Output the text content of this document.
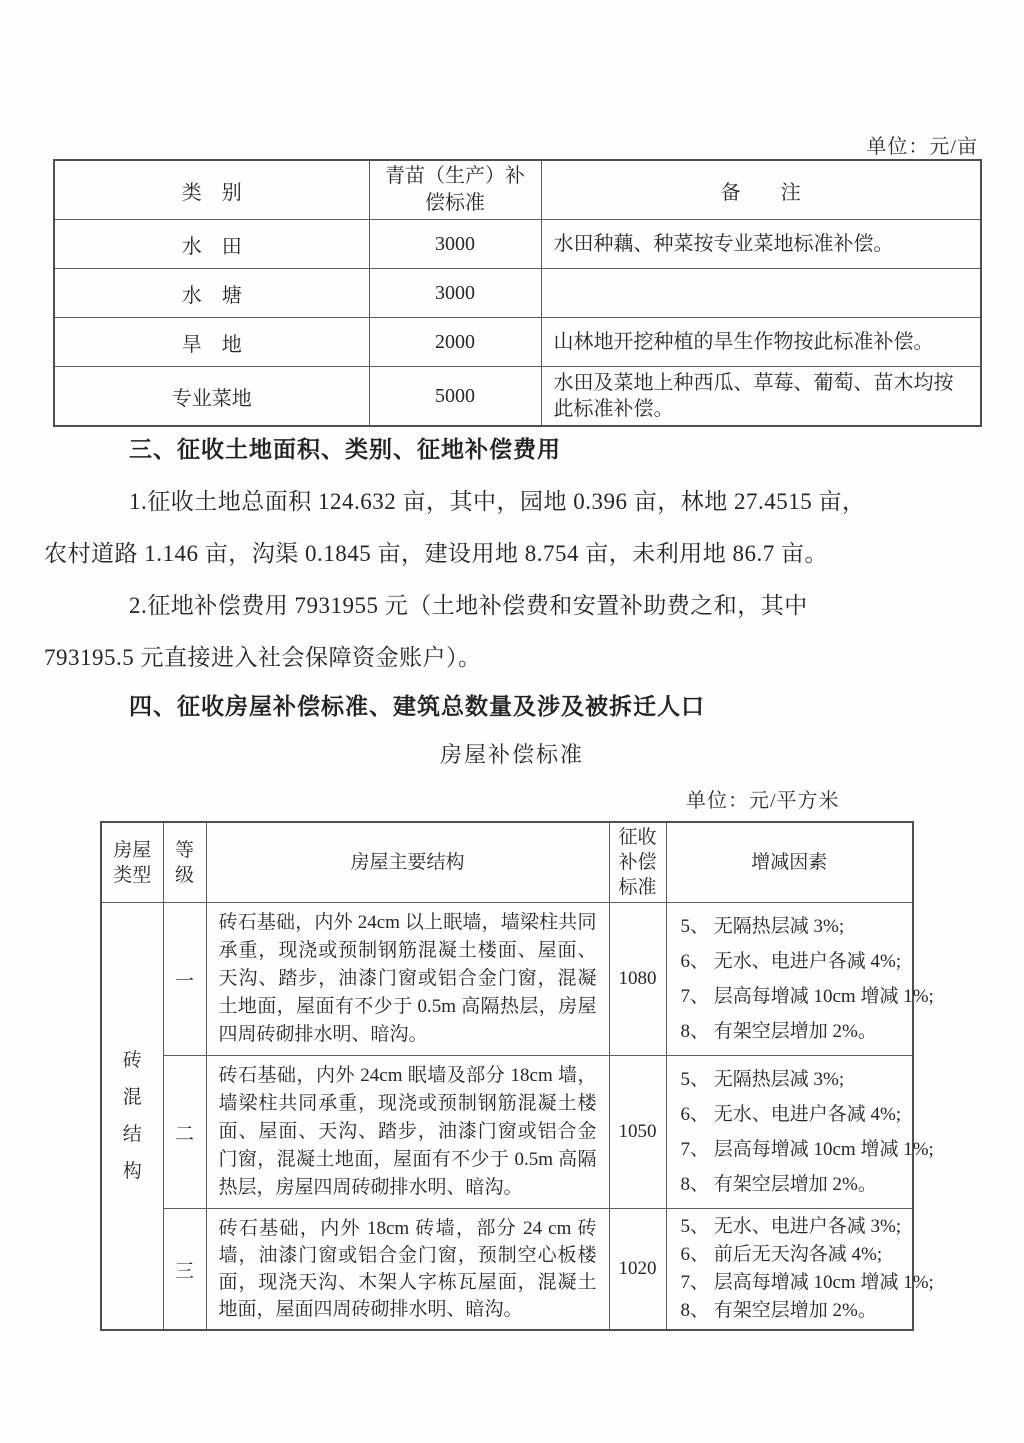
单位：元/亩
类　别	青苗（生产）补偿标准	备　　注
水　田	3000	水田种藕、种菜按专业菜地标准补偿。
水　塘	3000	
旱　地	2000	山林地开挖种植的旱生作物按此标准补偿。
专业菜地	5000	水田及菜地上种西瓜、草莓、葡萄、苗木均按此标准补偿。
三、征收土地面积、类别、征地补偿费用
1.征收土地总面积 124.632 亩，其中，园地 0.396 亩，林地 27.4515 亩，
农村道路 1.146 亩，沟渠 0.1845 亩，建设用地 8.754 亩，未利用地 86.7 亩。
2.征地补偿费用 7931955 元（土地补偿费和安置补助费之和，其中
793195.5 元直接进入社会保障资金账户）。
四、征收房屋补偿标准、建筑总数量及涉及被拆迁人口
房屋补偿标准
单位：元/平方米
房屋类型	等级	房屋主要结构	征收补偿标准	增减因素

砖混结构	一	砖石基础，内外 24cm 以上眠墙，墙梁柱共同承重，现浇或预制钢筋混凝土楼面、屋面、天沟、踏步，油漆门窗或铝合金门窗，混凝土地面，屋面有不少于 0.5m 高隔热层，房屋四周砖砌排水明、暗沟。	1080	5、 无隔热层减 3%;
6、 无水、电进户各减 4%;
7、 层高每增减 10cm 增减 1%;
8、 有架空层增加 2%。

	二	砖石基础，内外 24cm 眠墙及部分 18cm 墙，墙梁柱共同承重，现浇或预制钢筋混凝土楼面、屋面、天沟、踏步，油漆门窗或铝合金门窗，混凝土地面，屋面有不少于 0.5m 高隔热层，房屋四周砖砌排水明、暗沟。	1050	5、 无隔热层减 3%;
6、 无水、电进户各减 4%;
7、 层高每增减 10cm 增减 1%;
8、 有架空层增加 2%。

	三	砖石基础，内外 18cm 砖墙，部分 24 cm 砖墙，油漆门窗或铝合金门窗，预制空心板楼面，现浇天沟、木架人字栋瓦屋面，混凝土地面，屋面四周砖砌排水明、暗沟。	1020	5、 无水、电进户各减 3%;
6、 前后无天沟各减 4%;
7、 层高每增减 10cm 增减 1%;
8、 有架空层增加 2%。
